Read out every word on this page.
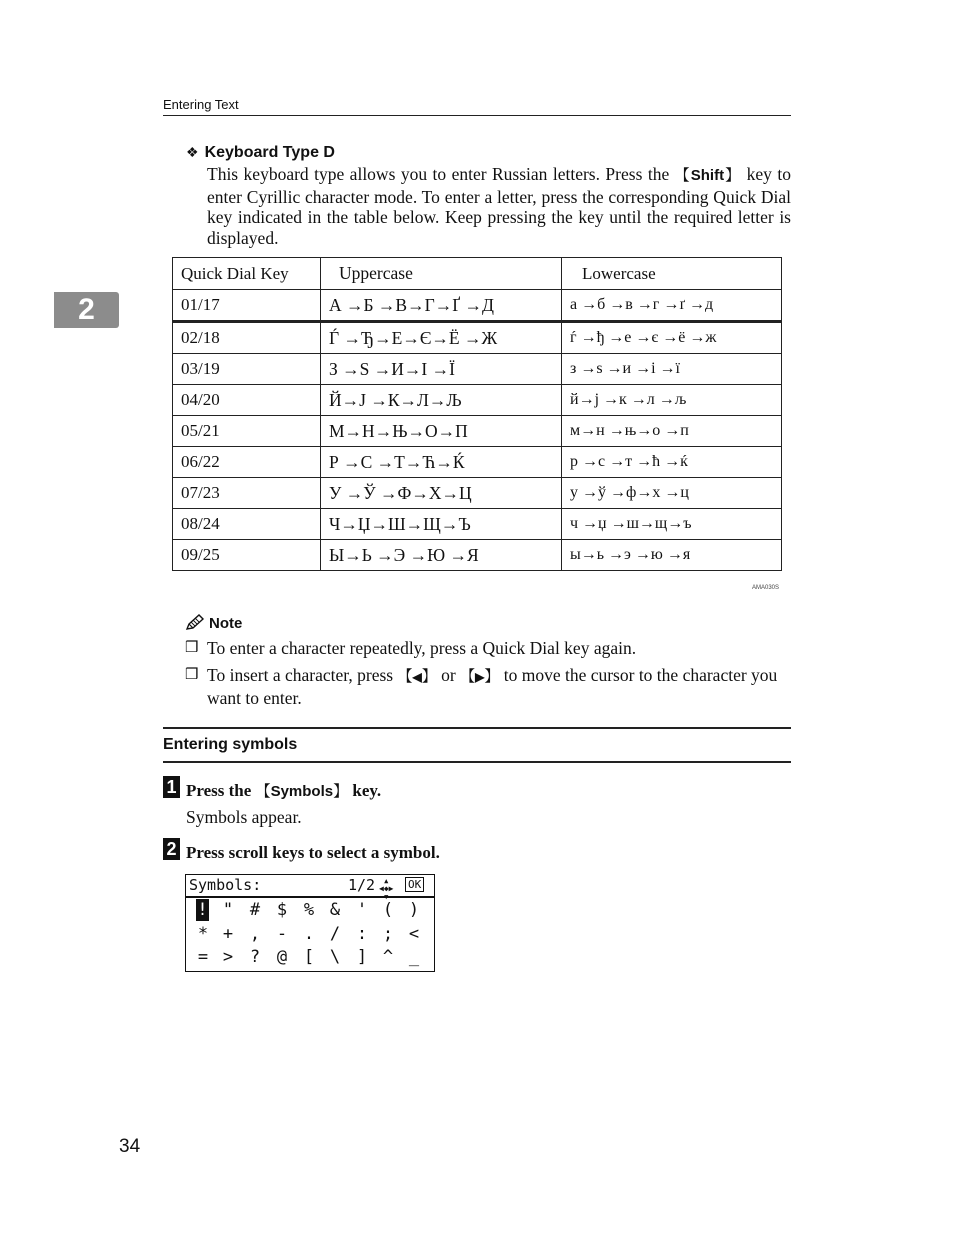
Entering Text
2
❖ Keyboard Type D
This keyboard type allows you to enter Russian letters. Press the 【Shift】 key to enter Cyrillic character mode. To enter a letter, press the corresponding Quick Dial key indicated in the table below. Keep pressing the key until the required letter is displayed.
Quick Dial Key	Uppercase	Lowercase
01/17	А →Б →В→Г→Ґ →Д	а →б →в →г →ґ →д
02/18	Ѓ →Ђ→Е→Є→Ё →Ж	ѓ →ђ →е →є →ё →ж
03/19	З →Ѕ →И→І →Ї	з →ѕ →и →і →ї
04/20	Й→Ј →К→Л→Љ	й→ј →к →л →љ
05/21	М→Н→Њ→О→П	м→н →њ→о →п
06/22	Р →С →Т→Ћ→Ќ	р →с →т →ћ →ќ
07/23	У →Ў →Ф→Х→Ц	у →ў →ф→х →ц
08/24	Ч→Џ→Ш→Щ→Ъ	ч →џ →ш→щ→ъ
09/25	Ы→Ь →Э →Ю →Я	ы→ь →э →ю →я
AMA030S
Note
❒ To enter a character repeatedly, press a Quick Dial key again.
❒ To insert a character, press 【◀】 or 【▶】 to move the cursor to the character you want to enter.
Entering symbols
1 Press the 【Symbols】 key.
Symbols appear.
2 Press scroll keys to select a symbol.
Symbols:	1/2	▲
◀◆▶ OK
! " # $ % & ' ( )
* + , - . / : ; <
= > ? @ [ \ ] ^ _
34
